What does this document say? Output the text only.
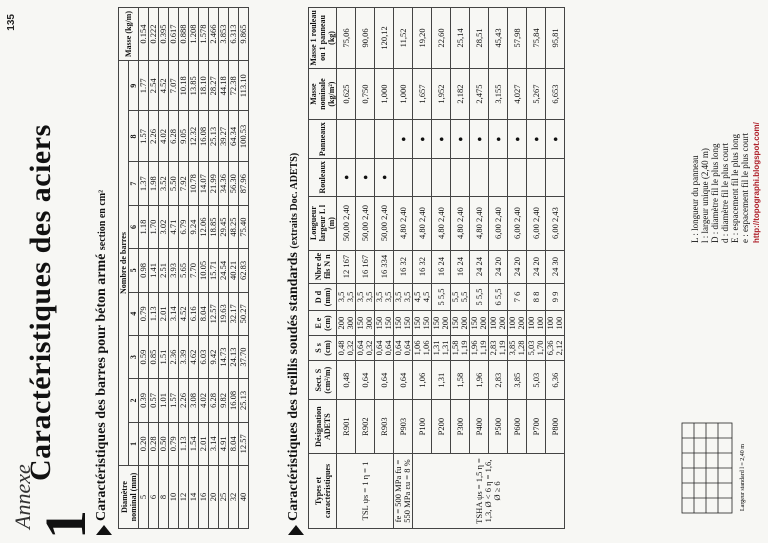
Annexe
1
Caractéristiques des aciers
135
Caractéristiques des barres pour béton armé section en cm²
Diamètre nominal (mm)	Nombre de barres									Masse (kg/m)
	1	2	3	4	5	6	7	8	9	
5	0.20	0.39	0.59	0.79	0.98	1.18	1.37	1.57	1.77	0.154
6	0.28	0.57	0.85	1.13	1.41	1.70	1.98	2.26	2.54	0.222
8	0.50	1.01	1.51	2.01	2.51	3.02	3.52	4.02	4.52	0.395
10	0.79	1.57	2.36	3.14	3.93	4.71	5.50	6.28	7.07	0.617
12	1.13	2.26	3.39	4.52	5.65	6.79	7.92	9.05	10.18	0.888
14	1.54	3.08	4.62	6.16	7.70	9.24	10.78	12.32	13.85	1.208
16	2.01	4.02	6.03	8.04	10.05	12.06	14.07	16.08	18.10	1.578
20	3.14	6.28	9.42	12.57	15.71	18.85	21.99	25.13	28.27	2.466
25	4.91	9.82	14.73	19.63	24.54	29.45	34.36	39.27	44.18	3.853
32	8.04	16.08	24.13	32.17	40.21	48.25	56.30	64.34	72.38	6.313
40	12.57	25.13	37.70	50.27	62.83	75.40	87.96	100.53	113.10	9.865
Caractéristiques des treillis soudés standards (extraits Doc. ADETS)
Types et caractéristiques	Désignation ADETS	Sect. S (cm²/m)	S s (cm)	E e (cm)	D d (mm)	Nbre de fils N n	Longueur largeur L l (m)	Rouleaux	Panneaux	Masse nominale (kg/m²)	Masse 1 rouleau ou 1 panneau (kg)
TSL ψs = 1 η = 1	R901	0,48	0,48 0,32	200 300	3,5 3,5	12 167	50,00 2,40	●		0,625	75,06
	R902	0,64	0,64 0,32	150 300	3,5 3,5	16 167	50,00 2,40	●		0,750	90,06
	R903	0,64	0,64 0,64	150 150	3,5 3,5	16 334	50,00 2,40	●		1,000	120,12
fe = 500 MPa fu = 550 MPa εu = 8 %	P903	0,64	0,64 0,64	150 150	3,5 3,5	16 32	4,80 2,40		●	1,000	11,52
TSHA ψs = 1,5 η = 1,3, Ø < 6 η = 1,6, Ø ≥ 6	P100	1,06	1,06 1,06	150 150	4,5 4,5	16 32	4,80 2,40		●	1,657	19,20
	P200	1,31	1,31 1,31	150 200	5 5,5	16 24	4,80 2,40		●	1,952	22,60
	P300	1,58	1,58 1,19	150 200	5,5 5,5	16 24	4,80 2,40		●	2,182	25,14
	P400	1,96	1,96 1,19	150 200	5 5,5	24 24	4,80 2,40		●	2,475	28,51
	P500	2,83	2,83 1,19	100 200	6 5,5	24 20	6,00 2,40		●	3,155	45,43
	P600	3,85	3,85 1,28	100 200	7 6	24 20	6,00 2,40		●	4,027	57,98
	P700	5,03	5,03 1,70	100 100	8 8	24 20	6,00 2,40		●	5,267	75,84
	P800	6,36	6,36 2,12	100 100	9 9	24 30	6,00 2,43		●	6,653	95,81
L : longueur du panneau l : largeur unique (2,40 m) D : diamètre fil le plus long d : diamètre fil le plus court E : espacement fil le plus long e : espacement fil le plus court http://topographi.blogspot.com/
Largeur standard l = 2,40 m
